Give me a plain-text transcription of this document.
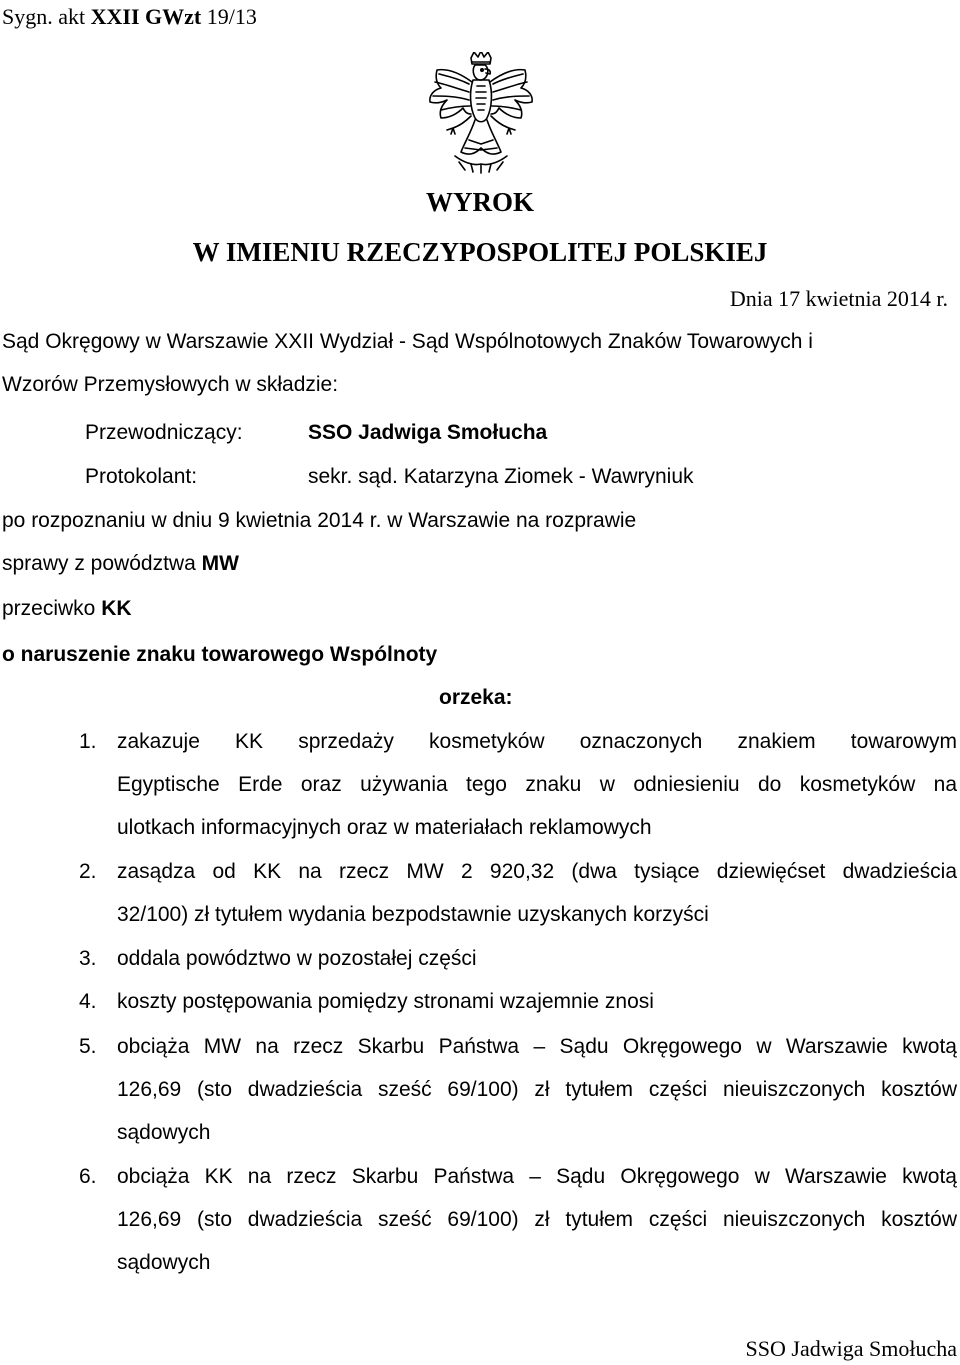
Sygn. akt XXII GWzt 19/13
WYROK
W IMIENIU RZECZYPOSPOLITEJ POLSKIEJ
Dnia 17 kwietnia 2014 r.
Sąd Okręgowy w Warszawie XXII Wydział - Sąd Wspólnotowych Znaków Towarowych i
Wzorów Przemysłowych w składzie:
Przewodniczący:	SSO Jadwiga Smołucha
Protokolant:	sekr. sąd. Katarzyna Ziomek - Wawryniuk
po rozpoznaniu w dniu 9 kwietnia 2014 r. w Warszawie na rozprawie
sprawy z powództwa MW
przeciwko KK
o naruszenie znaku towarowego Wspólnoty
orzeka:
1. zakazuje KK sprzedaży kosmetyków oznaczonych znakiem towarowym
Egyptische Erde oraz używania tego znaku w odniesieniu do kosmetyków na
ulotkach informacyjnych oraz w materiałach reklamowych
2. zasądza od KK na rzecz MW 2 920,32 (dwa tysiące dziewięćset dwadzieścia
32/100) zł tytułem wydania bezpodstawnie uzyskanych korzyści
3. oddala powództwo w pozostałej części
4. koszty postępowania pomiędzy stronami wzajemnie znosi
5. obciąża MW na rzecz Skarbu Państwa – Sądu Okręgowego w Warszawie kwotą
126,69 (sto dwadzieścia sześć 69/100) zł tytułem części nieuiszczonych kosztów
sądowych
6. obciąża KK na rzecz Skarbu Państwa – Sądu Okręgowego w Warszawie kwotą
126,69 (sto dwadzieścia sześć 69/100) zł tytułem części nieuiszczonych kosztów
sądowych
SSO Jadwiga Smołucha
